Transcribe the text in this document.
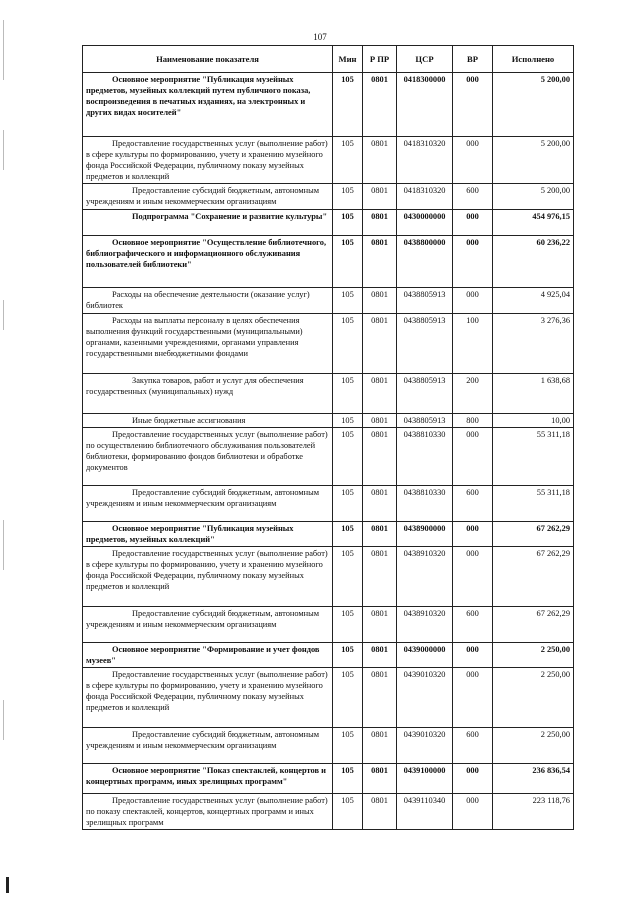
107
Наименование показателя	Мин	Р ПР	ЦСР	ВР	Исполнено
Основное мероприятие "Публикация музейных предметов, музейных коллекций путем публичного показа, воспроизведения в печатных изданиях, на электронных и других видах носителей"	105	0801	0418300000	000	5 200,00
Предоставление государственных услуг (выполнение работ) в сфере культуры по формированию, учету и хранению музейного фонда Российской Федерации, публичному показу музейных предметов и коллекций	105	0801	0418310320	000	5 200,00
Предоставление субсидий бюджетным, автономным учреждениям и иным некоммерческим организациям	105	0801	0418310320	600	5 200,00
Подпрограмма "Сохранение и развитие культуры"	105	0801	0430000000	000	454 976,15
Основное мероприятие "Осуществление библиотечного, библиографического и информационного обслуживания пользователей библиотеки"	105	0801	0438800000	000	60 236,22
Расходы на обеспечение деятельности (оказание услуг) библиотек	105	0801	0438805913	000	4 925,04
Расходы на выплаты персоналу в целях обеспечения выполнения функций государственными (муниципальными) органами, казенными учреждениями, органами управления государственными внебюджетными фондами	105	0801	0438805913	100	3 276,36
Закупка товаров, работ и услуг для обеспечения государственных (муниципальных) нужд	105	0801	0438805913	200	1 638,68
Иные бюджетные ассигнования	105	0801	0438805913	800	10,00
Предоставление государственных услуг (выполнение работ) по осуществлению библиотечного обслуживания пользователей библиотеки, формированию фондов библиотеки и обработке документов	105	0801	0438810330	000	55 311,18
Предоставление субсидий бюджетным, автономным учреждениям и иным некоммерческим организациям	105	0801	0438810330	600	55 311,18
Основное мероприятие "Публикация музейных предметов, музейных коллекций"	105	0801	0438900000	000	67 262,29
Предоставление государственных услуг (выполнение работ) в сфере культуры по формированию, учету и хранению музейного фонда Российской Федерации, публичному показу музейных предметов и коллекций	105	0801	0438910320	000	67 262,29
Предоставление субсидий бюджетным, автономным учреждениям и иным некоммерческим организациям	105	0801	0438910320	600	67 262,29
Основное мероприятие "Формирование и учет фондов музеев"	105	0801	0439000000	000	2 250,00
Предоставление государственных услуг (выполнение работ) в сфере культуры по формированию, учету и хранению музейного фонда Российской Федерации, публичному показу музейных предметов и коллекций	105	0801	0439010320	000	2 250,00
Предоставление субсидий бюджетным, автономным учреждениям и иным некоммерческим организациям	105	0801	0439010320	600	2 250,00
Основное мероприятие "Показ спектаклей, концертов и концертных программ, иных зрелищных программ"	105	0801	0439100000	000	236 836,54
Предоставление государственных услуг (выполнение работ) по показу спектаклей, концертов, концертных программ и иных зрелищных программ	105	0801	0439110340	000	223 118,76
